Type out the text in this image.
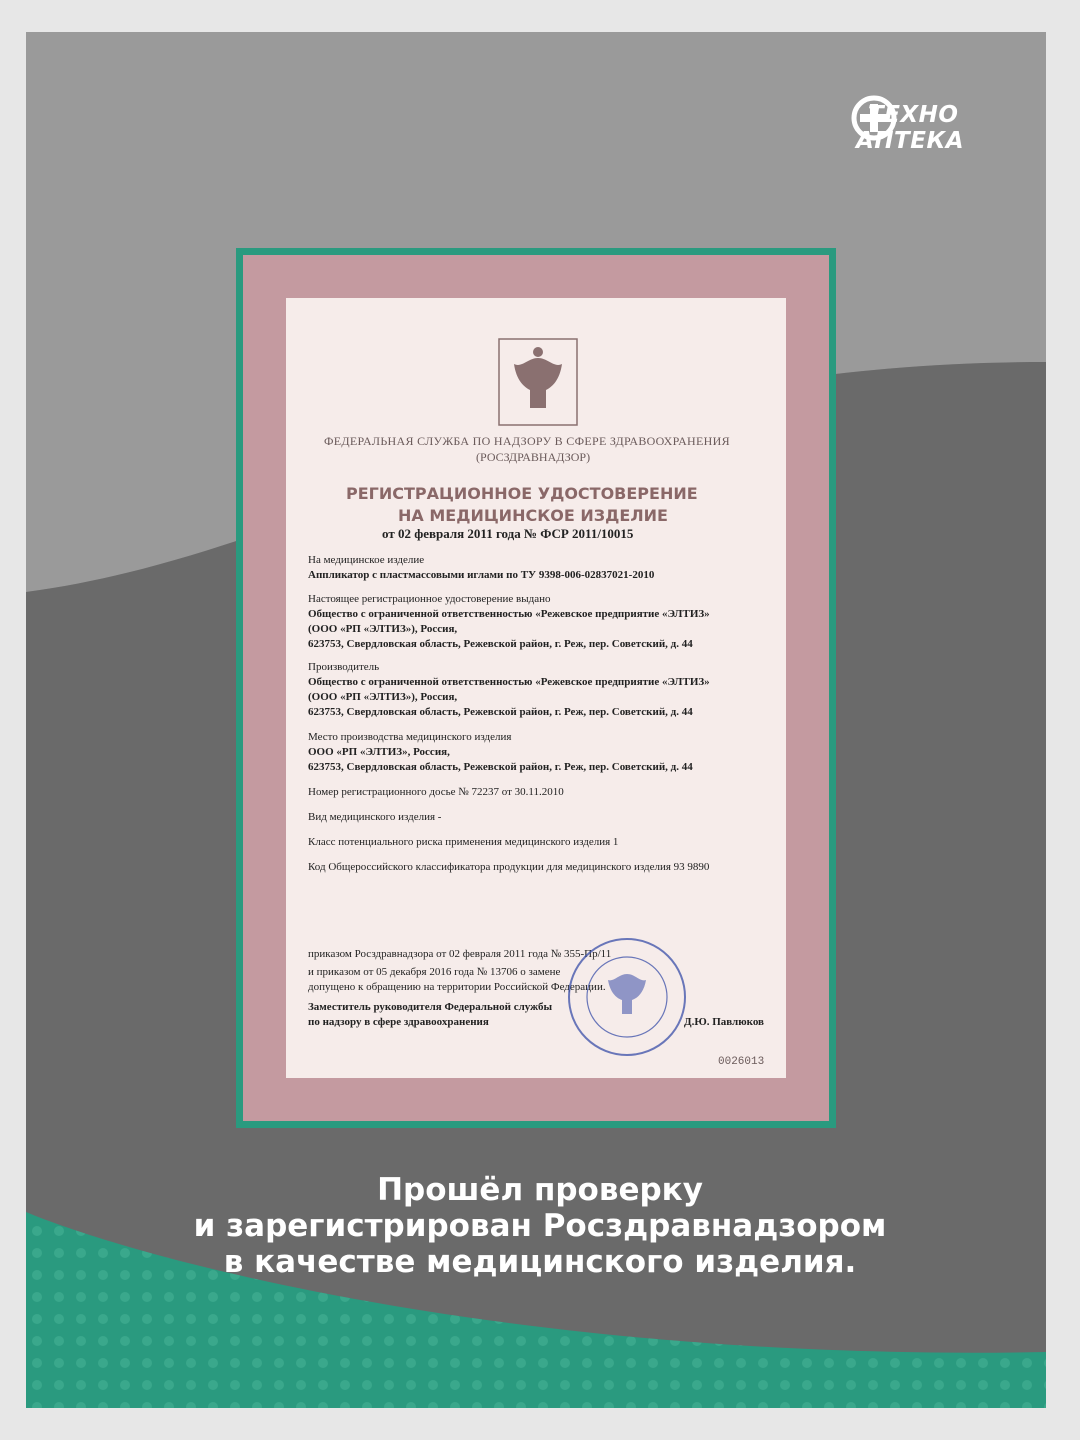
ТЕХНО
АПТЕКА
ФЕДЕРАЛЬНАЯ СЛУЖБА ПО НАДЗОРУ В СФЕРЕ ЗДРАВООХРАНЕНИЯ
(РОСЗДРАВНАДЗОР)
РЕГИСТРАЦИОННОЕ УДОСТОВЕРЕНИЕ
НА МЕДИЦИНСКОЕ ИЗДЕЛИЕ
от 02 февраля 2011 года № ФСР 2011/10015
На медицинское изделие
Аппликатор с пластмассовыми иглами по ТУ 9398-006-02837021-2010
Настоящее регистрационное удостоверение выдано
Общество с ограниченной ответственностью «Режевское предприятие «ЭЛТИЗ»
(ООО «РП «ЭЛТИЗ»), Россия,
623753, Свердловская область, Режевской район, г. Реж, пер. Советский, д. 44
Производитель
Общество с ограниченной ответственностью «Режевское предприятие «ЭЛТИЗ»
(ООО «РП «ЭЛТИЗ»), Россия,
623753, Свердловская область, Режевской район, г. Реж, пер. Советский, д. 44
Место производства медицинского изделия
ООО «РП «ЭЛТИЗ», Россия,
623753, Свердловская область, Режевской район, г. Реж, пер. Советский, д. 44
Номер регистрационного досье № 72237 от 30.11.2010
Вид медицинского изделия -
Класс потенциального риска применения медицинского изделия 1
Код Общероссийского классификатора продукции для медицинского изделия 93 9890
приказом Росздравнадзора от 02 февраля 2011 года № 355-Пр/11
и приказом от 05 декабря 2016 года № 13706 о замене
допущено к обращению на территории Российской Федерации.
Заместитель руководителя Федеральной службы
по надзору в сфере здравоохранения	Д.Ю. Павлюков
0026013
Прошёл проверку
и зарегистрирован Росздравнадзором
в качестве медицинского изделия.
